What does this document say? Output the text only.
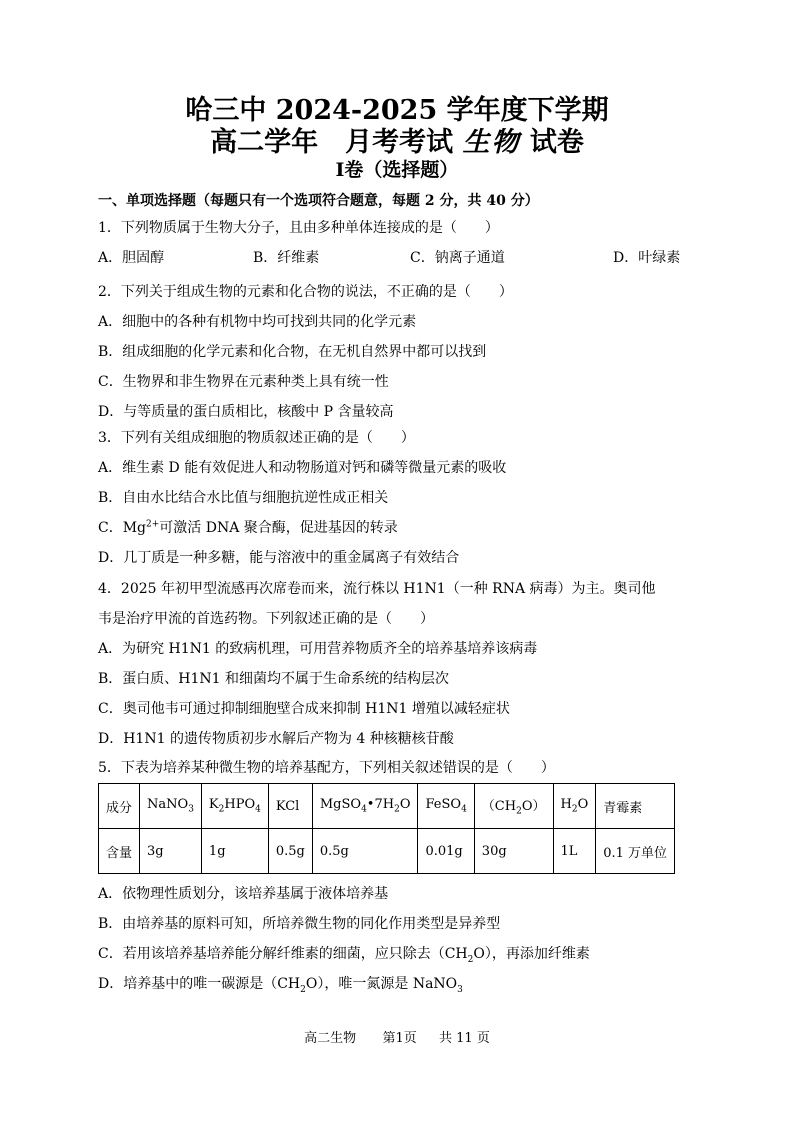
哈三中 2024-2025 学年度下学期
高二学年　月考考试 生物 试卷
Ⅰ卷（选择题）
一、单项选择题（每题只有一个选项符合题意，每题 2 分，共 40 分）
1．下列物质属于生物大分子，且由多种单体连接成的是（　　）
A．胆固醇	B．纤维素	C．钠离子通道	D．叶绿素
2．下列关于组成生物的元素和化合物的说法，不正确的是（　　）
A．细胞中的各种有机物中均可找到共同的化学元素
B．组成细胞的化学元素和化合物，在无机自然界中都可以找到
C．生物界和非生物界在元素种类上具有统一性
D．与等质量的蛋白质相比，核酸中 P 含量较高
3．下列有关组成细胞的物质叙述正确的是（　　）
A．维生素 D 能有效促进人和动物肠道对钙和磷等微量元素的吸收
B．自由水比结合水比值与细胞抗逆性成正相关
C．$Mg^{2+}$可激活 DNA 聚合酶，促进基因的转录
D．几丁质是一种多糖，能与溶液中的重金属离子有效结合
4．2025 年初甲型流感再次席卷而来，流行株以 H1N1（一种 RNA 病毒）为主。奥司他
韦是治疗甲流的首选药物。下列叙述正确的是（　　）
A．为研究 H1N1 的致病机理，可用营养物质齐全的培养基培养该病毒
B．蛋白质、H1N1 和细菌均不属于生命系统的结构层次
C．奥司他韦可通过抑制细胞壁合成来抑制 H1N1 增殖以减轻症状
D．H1N1 的遗传物质初步水解后产物为 4 种核糖核苷酸
5．下表为培养某种微生物的培养基配方，下列相关叙述错误的是（　　）
成分	NaNO$_3$	$K_2HPO_4$	KCl	$MgSO_4•7H_2O$	FeSO$_4$	$(CH_2O)$	$H_2O$	青霉素
含量	3g	1g	0.5g	0.5g	0.01g	30g	1L	0.1 万单位
A．依物理性质划分，该培养基属于液体培养基
B．由培养基的原料可知，所培养微生物的同化作用类型是异养型
C．若用该培养基培养能分解纤维素的细菌，应只除去$(CH_2O)$，再添加纤维素
D．培养基中的唯一碳源是$(CH_2O)$，唯一氮源是 NaNO$_3$
高二生物 第1页 共 11 页
